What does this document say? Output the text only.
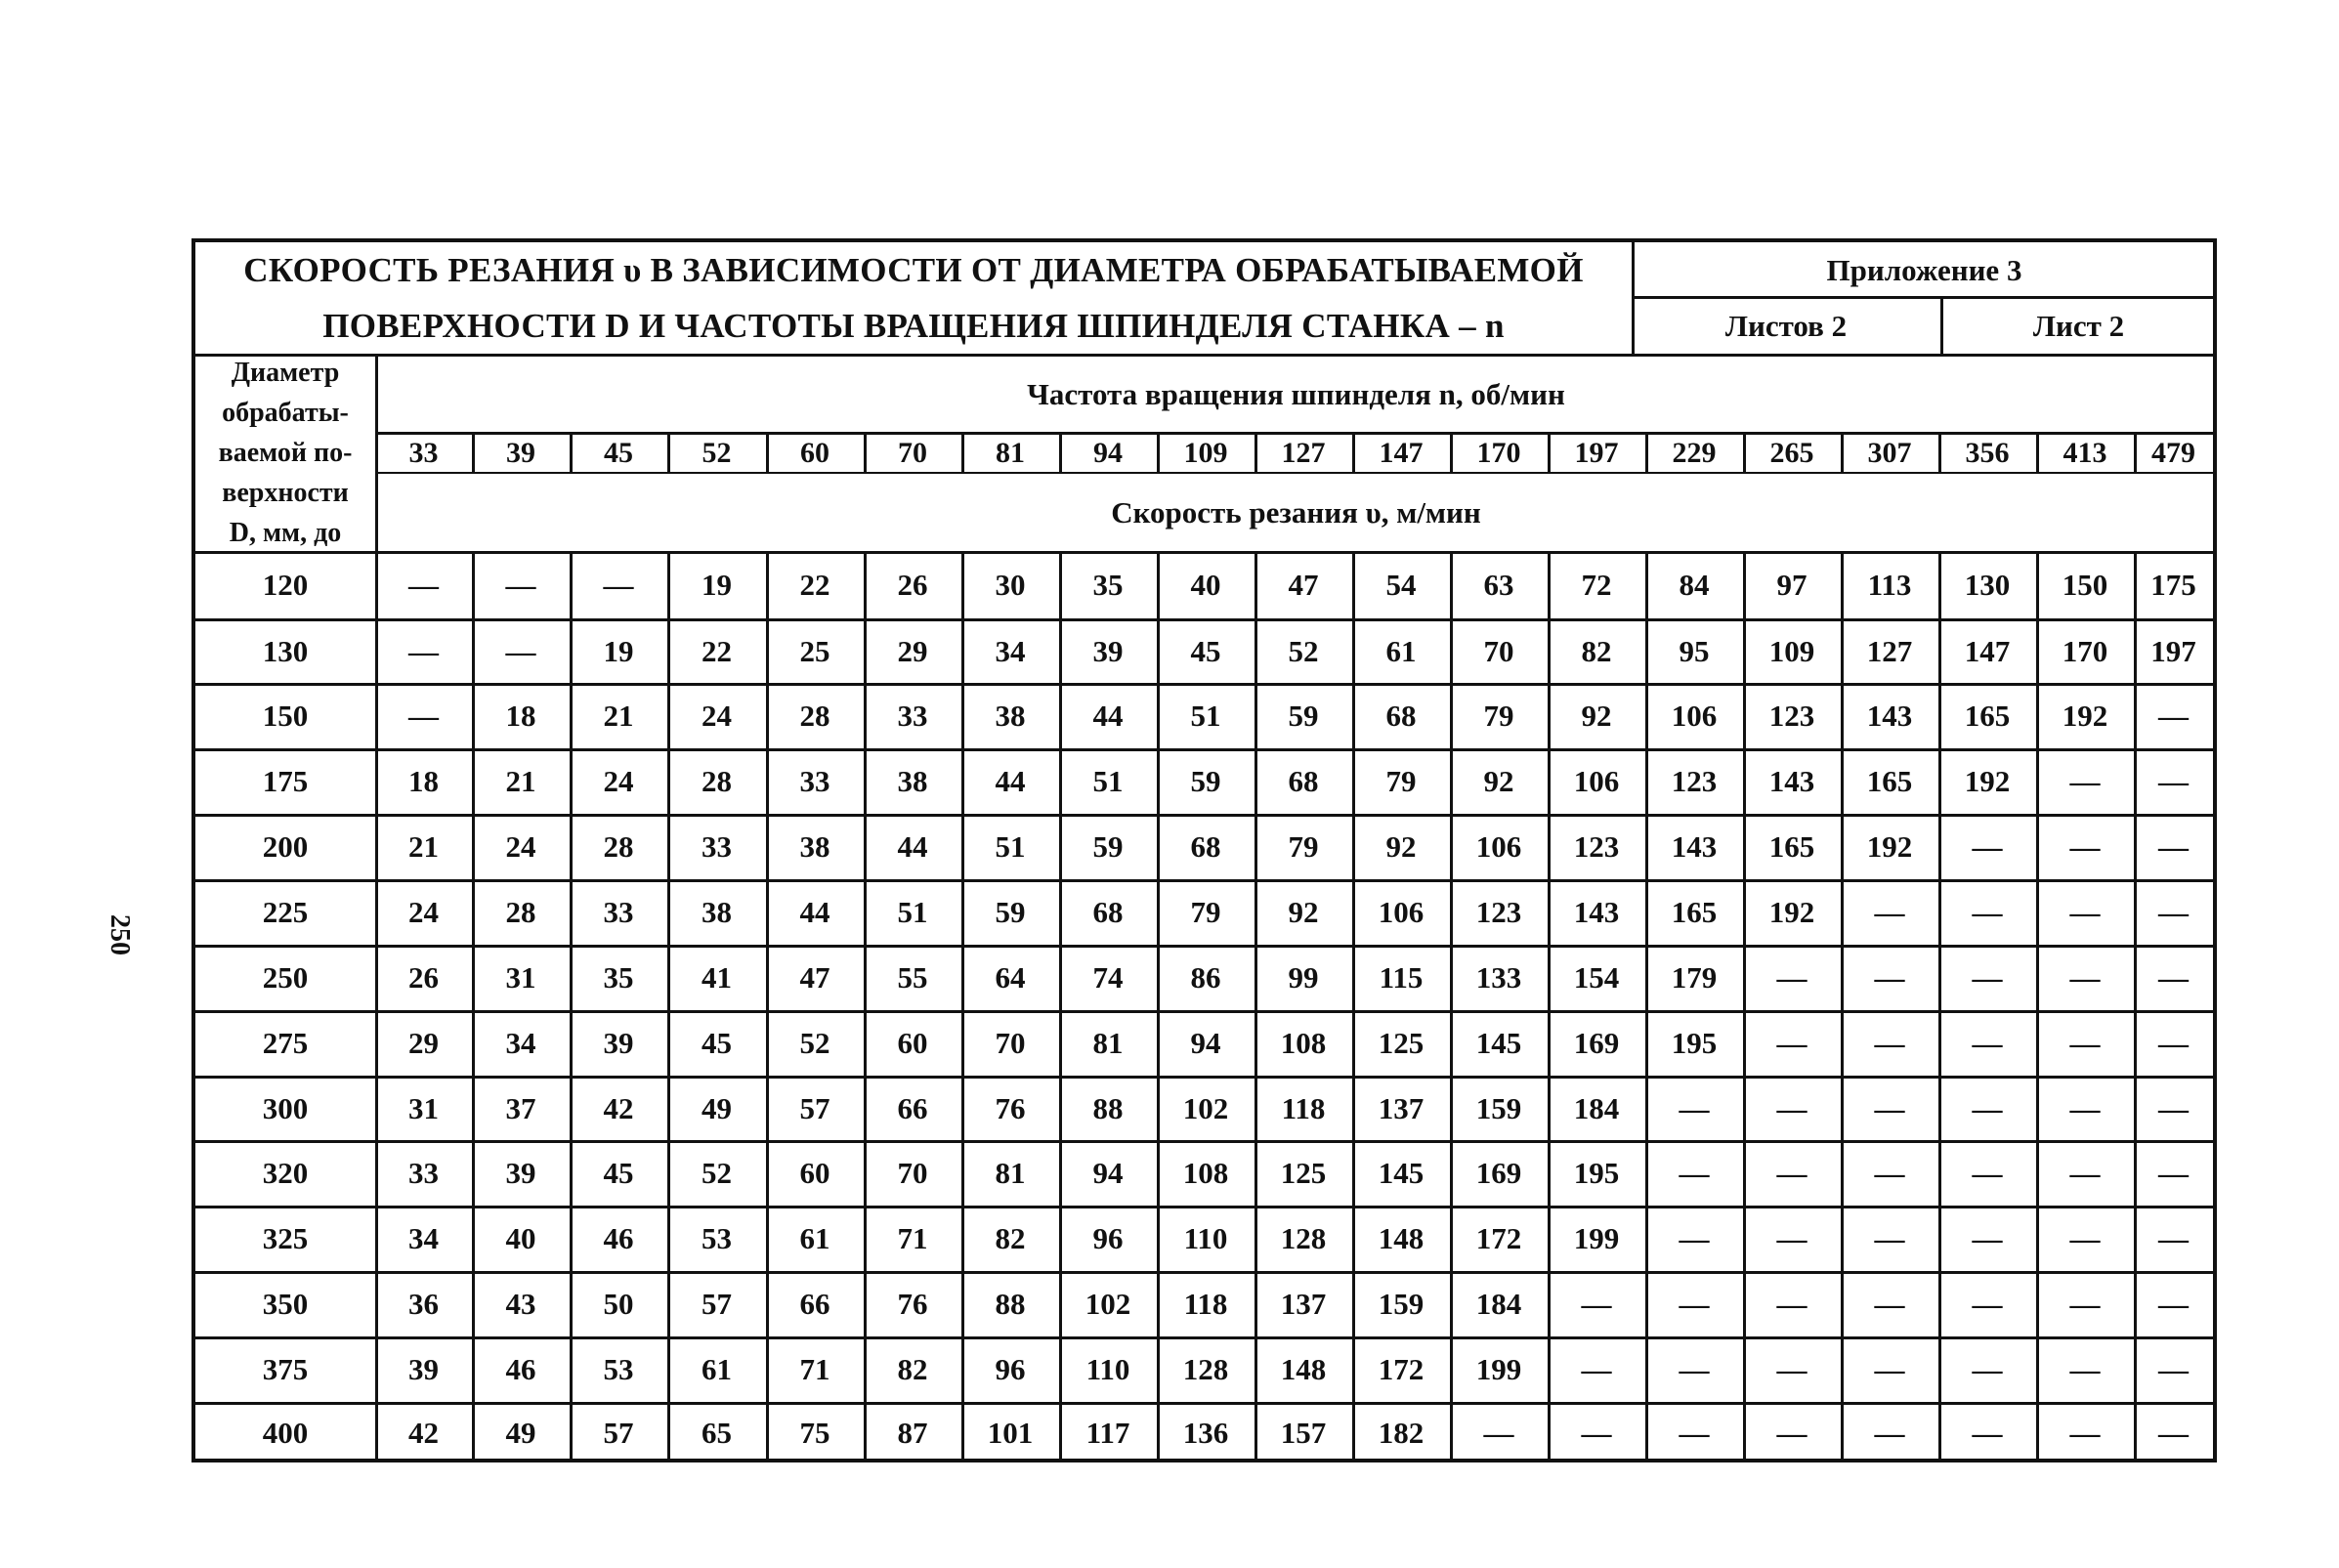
250
СКОРОСТЬ РЕЗАНИЯ υ В ЗАВИСИМОСТИ ОТ ДИАМЕТРА ОБРАБАТЫВАЕМОЙ
ПОВЕРХНОСТИ D И ЧАСТОТЫ ВРАЩЕНИЯ ШПИНДЕЛЯ СТАНКА – n
Приложение 3
Листов 2	Лист 2
Диаметр
обрабаты-
ваемой по-
верхности
D, мм, до
Частота вращения шпинделя n, об/мин
Скорость резания υ, м/мин
33	39	45	52	60	70	81	94	109	127	147	170	197	229	265	307	356	413	479
120	—	—	—	19	22	26	30	35	40	47	54	63	72	84	97	113	130	150	175
130	—	—	19	22	25	29	34	39	45	52	61	70	82	95	109	127	147	170	197
150	—	18	21	24	28	33	38	44	51	59	68	79	92	106	123	143	165	192	—
175	18	21	24	28	33	38	44	51	59	68	79	92	106	123	143	165	192	—	—
200	21	24	28	33	38	44	51	59	68	79	92	106	123	143	165	192	—	—	—
225	24	28	33	38	44	51	59	68	79	92	106	123	143	165	192	—	—	—	—
250	26	31	35	41	47	55	64	74	86	99	115	133	154	179	—	—	—	—	—
275	29	34	39	45	52	60	70	81	94	108	125	145	169	195	—	—	—	—	—
300	31	37	42	49	57	66	76	88	102	118	137	159	184	—	—	—	—	—	—
320	33	39	45	52	60	70	81	94	108	125	145	169	195	—	—	—	—	—	—
325	34	40	46	53	61	71	82	96	110	128	148	172	199	—	—	—	—	—	—
350	36	43	50	57	66	76	88	102	118	137	159	184	—	—	—	—	—	—	—
375	39	46	53	61	71	82	96	110	128	148	172	199	—	—	—	—	—	—	—
400	42	49	57	65	75	87	101	117	136	157	182	—	—	—	—	—	—	—	—
